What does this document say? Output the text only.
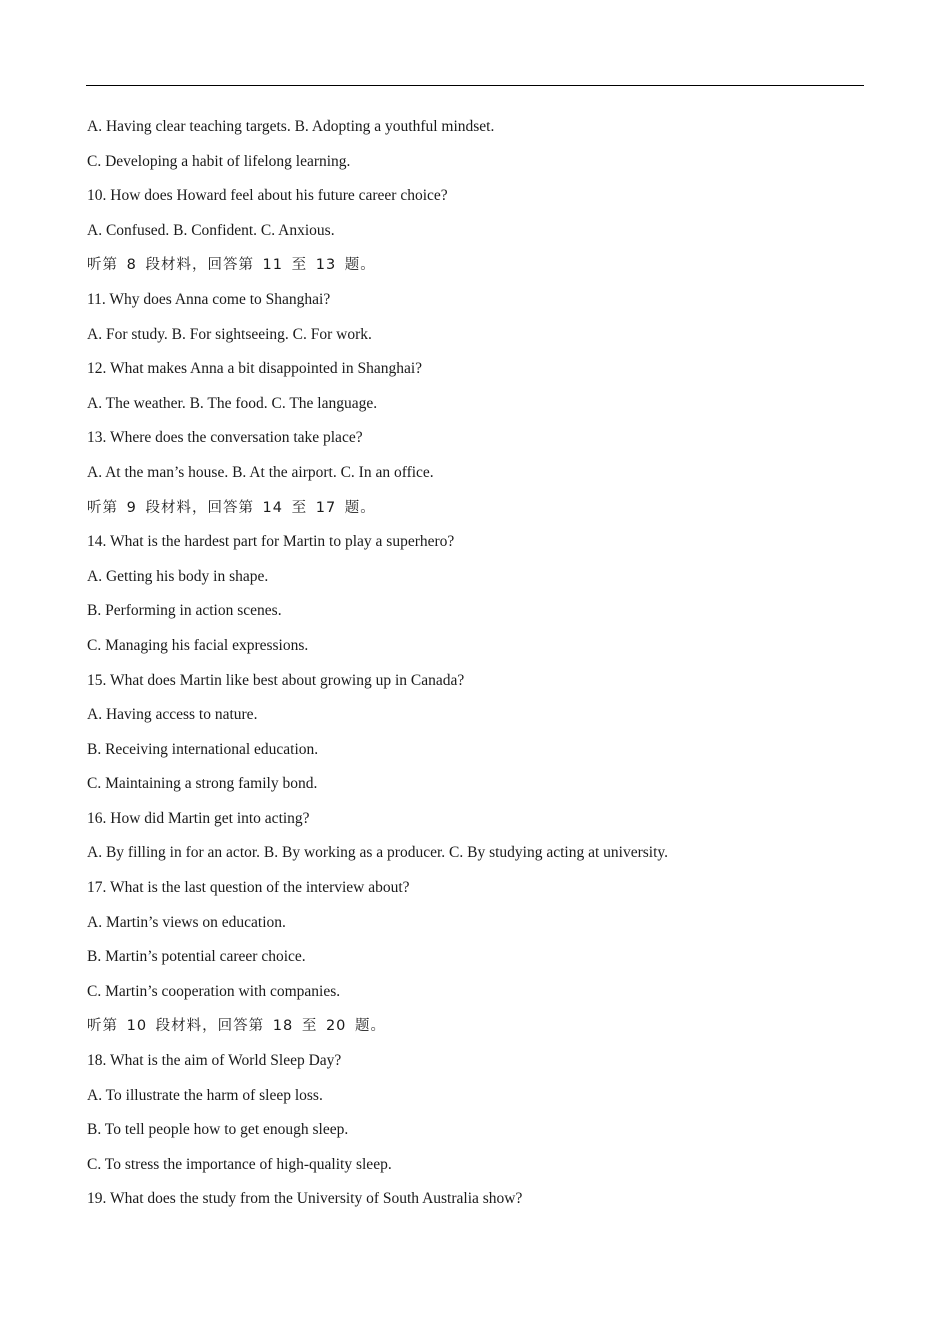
A. Having clear teaching targets. B. Adopting a youthful mindset.
C. Developing a habit of lifelong learning.
10. How does Howard feel about his future career choice?
A. Confused. B. Confident. C. Anxious.
听第 8 段材料，回答第 11 至 13 题。
11. Why does Anna come to Shanghai?
A. For study. B. For sightseeing. C. For work.
12. What makes Anna a bit disappointed in Shanghai?
A. The weather. B. The food. C. The language.
13. Where does the conversation take place?
A. At the man’s house. B. At the airport. C. In an office.
听第 9 段材料，回答第 14 至 17 题。
14. What is the hardest part for Martin to play a superhero?
A. Getting his body in shape.
B. Performing in action scenes.
C. Managing his facial expressions.
15. What does Martin like best about growing up in Canada?
A. Having access to nature.
B. Receiving international education.
C. Maintaining a strong family bond.
16. How did Martin get into acting?
A. By filling in for an actor. B. By working as a producer. C. By studying acting at university.
17. What is the last question of the interview about?
A. Martin’s views on education.
B. Martin’s potential career choice.
C. Martin’s cooperation with companies.
听第 10 段材料，回答第 18 至 20 题。
18. What is the aim of World Sleep Day?
A. To illustrate the harm of sleep loss.
B. To tell people how to get enough sleep.
C. To stress the importance of high-quality sleep.
19. What does the study from the University of South Australia show?
